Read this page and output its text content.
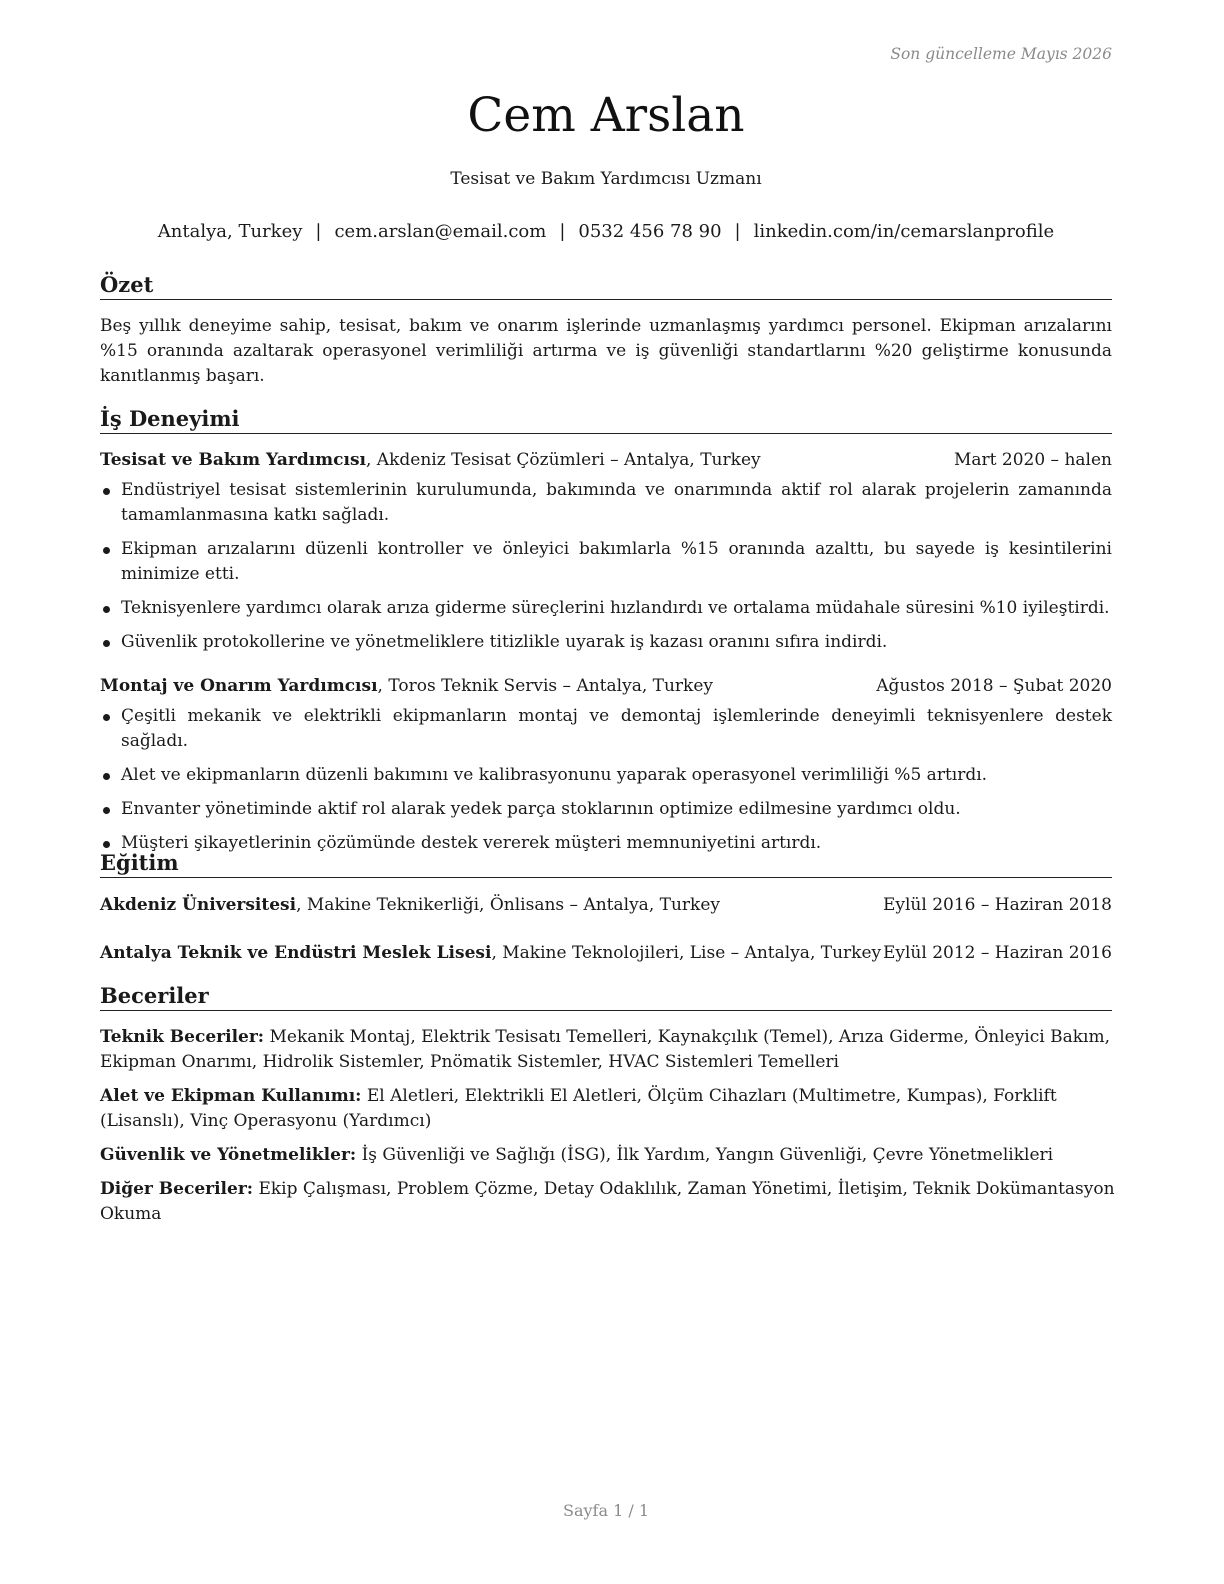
Son güncelleme Mayıs 2026
Cem Arslan
Tesisat ve Bakım Yardımcısı Uzmanı
Antalya, Turkey | cem.arslan@email.com | 0532 456 78 90 | linkedin.com/in/cemarslanprofile
Özet
Beş yıllık deneyime sahip, tesisat, bakım ve onarım işlerinde uzmanlaşmış yardımcı personel. Ekipman arızalarını %15 oranında azaltarak operasyonel verimliliği artırma ve iş güvenliği standartlarını %20 geliştirme konusunda kanıtlanmış başarı.
İş Deneyimi
Tesisat ve Bakım Yardımcısı, Akdeniz Tesisat Çözümleri – Antalya, Turkey	Mart 2020 – halen
Endüstriyel tesisat sistemlerinin kurulumunda, bakımında ve onarımında aktif rol alarak projelerin zamanında tamamlanmasına katkı sağladı.
Ekipman arızalarını düzenli kontroller ve önleyici bakımlarla %15 oranında azalttı, bu sayede iş kesintilerini minimize etti.
Teknisyenlere yardımcı olarak arıza giderme süreçlerini hızlandırdı ve ortalama müdahale süresini %10 iyileştirdi.
Güvenlik protokollerine ve yönetmeliklere titizlikle uyarak iş kazası oranını sıfıra indirdi.
Montaj ve Onarım Yardımcısı, Toros Teknik Servis – Antalya, Turkey	Ağustos 2018 – Şubat 2020
Çeşitli mekanik ve elektrikli ekipmanların montaj ve demontaj işlemlerinde deneyimli teknisyenlere destek sağladı.
Alet ve ekipmanların düzenli bakımını ve kalibrasyonunu yaparak operasyonel verimliliği %5 artırdı.
Envanter yönetiminde aktif rol alarak yedek parça stoklarının optimize edilmesine yardımcı oldu.
Müşteri şikayetlerinin çözümünde destek vererek müşteri memnuniyetini artırdı.
Eğitim
Akdeniz Üniversitesi, Makine Teknikerliği, Önlisans – Antalya, Turkey	Eylül 2016 – Haziran 2018
Antalya Teknik ve Endüstri Meslek Lisesi, Makine Teknolojileri, Lise – Antalya, Turkey Eylül 2012 – Haziran 2016
Beceriler
Teknik Beceriler: Mekanik Montaj, Elektrik Tesisatı Temelleri, Kaynakçılık (Temel), Arıza Giderme, Önleyici Bakım, Ekipman Onarımı, Hidrolik Sistemler, Pnömatik Sistemler, HVAC Sistemleri Temelleri
Alet ve Ekipman Kullanımı: El Aletleri, Elektrikli El Aletleri, Ölçüm Cihazları (Multimetre, Kumpas), Forklift (Lisanslı), Vinç Operasyonu (Yardımcı)
Güvenlik ve Yönetmelikler: İş Güvenliği ve Sağlığı (İSG), İlk Yardım, Yangın Güvenliği, Çevre Yönetmelikleri
Diğer Beceriler: Ekip Çalışması, Problem Çözme, Detay Odaklılık, Zaman Yönetimi, İletişim, Teknik Dokümantasyon Okuma
Sayfa 1 / 1
